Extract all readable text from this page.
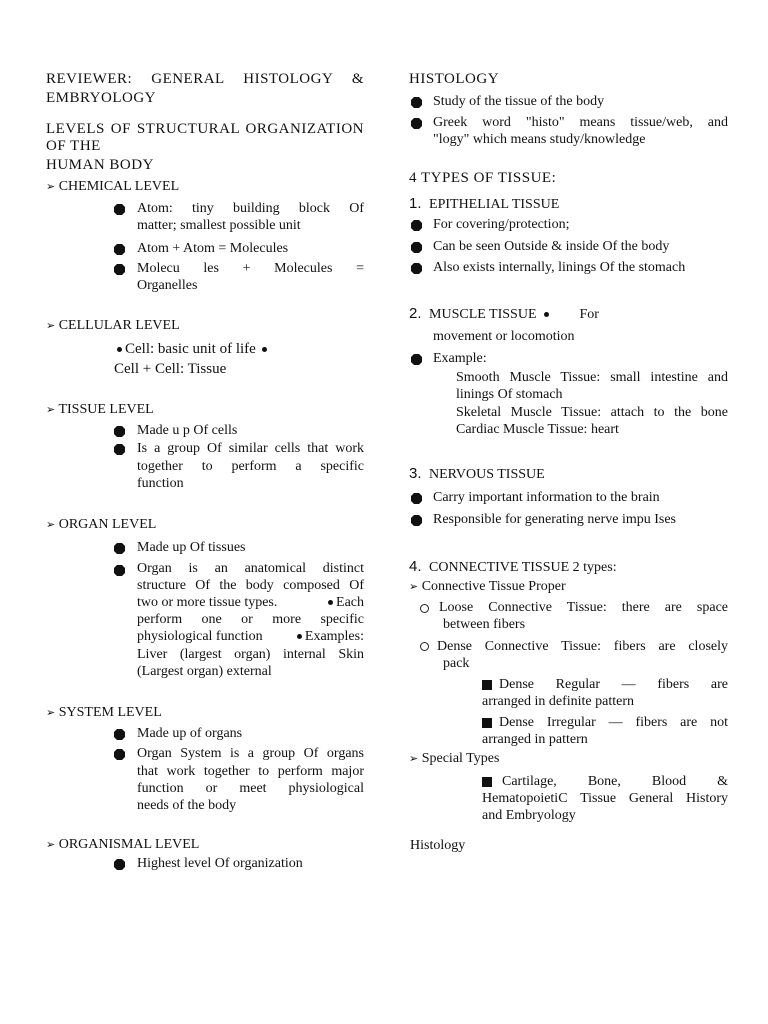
REVIEWER: GENERAL HISTOLOGY &
EMBRYOLOGY
LEVELS OF STRUCTURAL ORGANIZATION
OF THE
HUMAN BODY
➢ CHEMICAL LEVEL
Atom: tiny building block Of
matter; smallest possible unit
Atom + Atom = Molecules
Molecu les + Molecules =
Organelles
➢ CELLULAR LEVEL
Cell: basic unit of life
Cell + Cell: Tissue
➢ TISSUE LEVEL
Made u p Of cells
Is a group Of similar cells that work
together to perform a specific
function
➢ ORGAN LEVEL
Made up Of tissues
Organ is an anatomical distinct
structure Of the body composed Of
two or more tissue types.	Each
perform one or more specific
physiological function	Examples:
Liver (largest organ) internal Skin
(Largest organ) external
➢ SYSTEM LEVEL
Made up of organs
Organ System is a group Of organs
that work together to perform major
function or meet physiological
needs of the body
➢ ORGANISMAL LEVEL
Highest level Of organization
HISTOLOGY
Study of the tissue of the body
Greek word "histo" means tissue/web, and
"logy" which means study/knowledge
4 TYPES OF TISSUE:
1. EPITHELIAL TISSUE
For covering/protection;
Can be seen Outside & inside Of the body
Also exists internally, linings Of the stomach
2. MUSCLE TISSUE	For
movement or locomotion
Example:
Smooth Muscle Tissue: small intestine and
linings Of stomach
Skeletal Muscle Tissue: attach to the bone
Cardiac Muscle Tissue: heart
3. NERVOUS TISSUE
Carry important information to the brain
Responsible for generating nerve impu Ises
4. CONNECTIVE TISSUE 2 types:
➢ Connective Tissue Proper
Loose Connective Tissue: there are space
between fibers
Dense Connective Tissue: fibers are closely
pack
Dense Regular — fibers are
arranged in definite pattern
Dense Irregular — fibers are not
arranged in pattern
➢ Special Types
Cartilage, Bone, Blood &
HematopoietiC Tissue General History
and Embryology
Histology
